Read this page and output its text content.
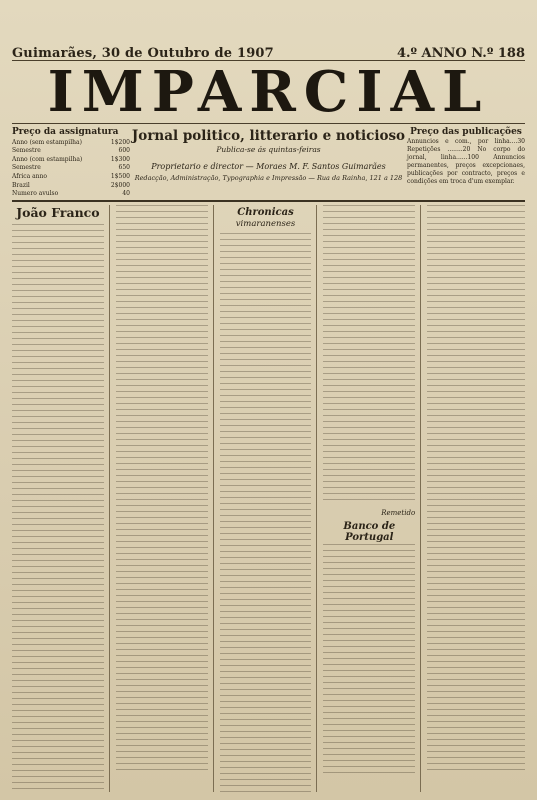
Guimarães, 30 de Outubro de 1907	4.º ANNO N.º 188
IMPARCIAL
Preço da assignatura
Anno (sem estampilha)	1$200
Semestre	600
Anno (com estampilha)	1$300
Semestre	650
Africa anno	1$500
Brazil	2$000
Numero avulso	40
Jornal politico, litterario e noticioso
Publica-se ás quintas-feiras
Proprietario e director — Moraes M. F. Santos Guimarães
Redacção, Administração, Typographia e Impressão — Rua da Rainha, 121 a 128
Preço das publicações
Annuncios e com., por linha....30 Repetições ........20 No corpo do jornal, linha......100 Annuncios permanentes, preços excepcionaes, publicações por contracto, preços e condições em troca d'um exemplar.
João Franco	Chronicas
vimaranenses
Remetido
Banco de Portugal
